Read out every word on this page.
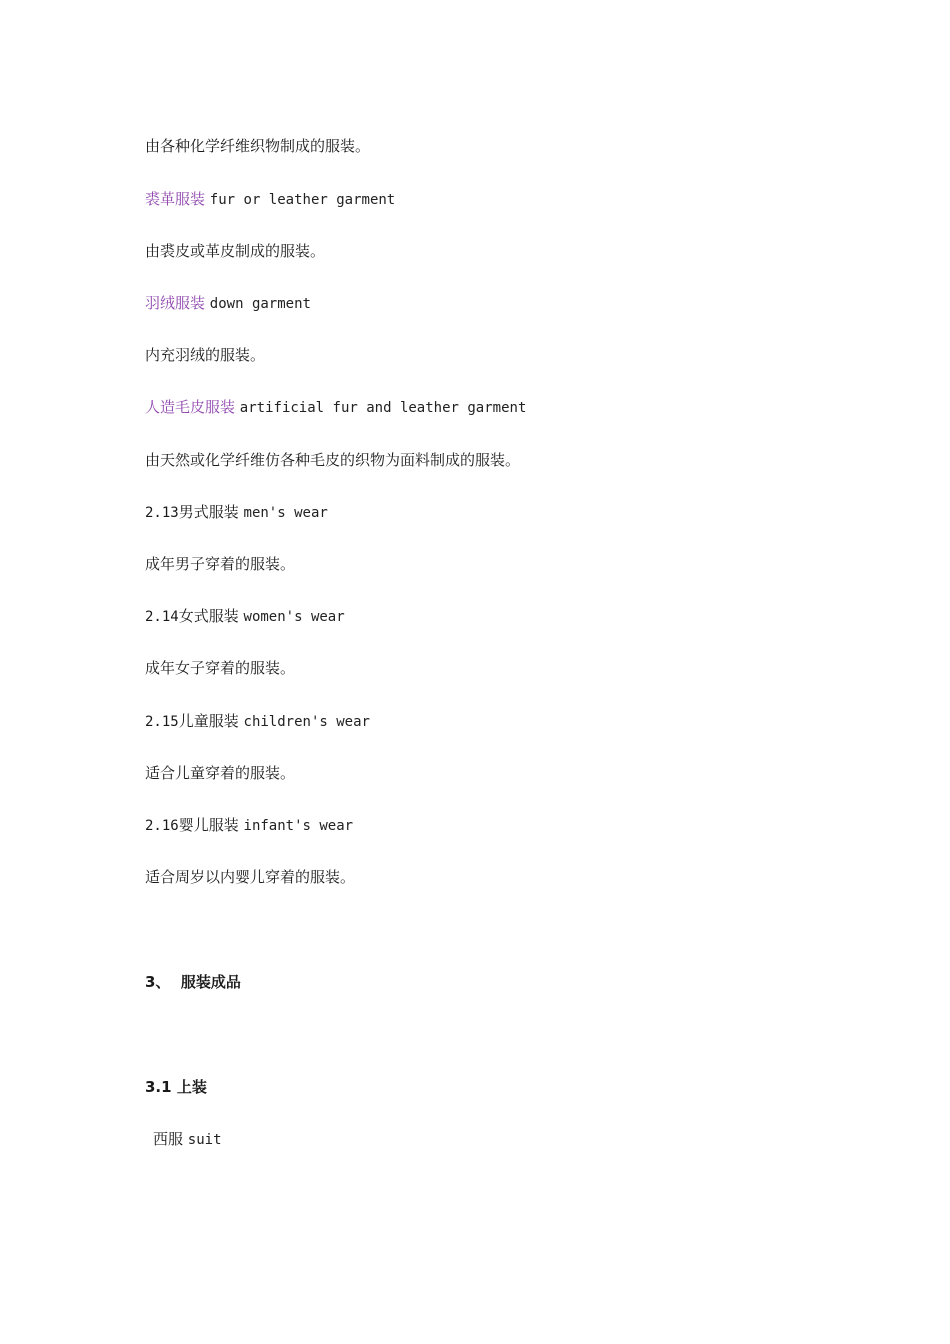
由各种化学纤维织物制成的服装。
裘革服装 fur or leather garment
由裘皮或革皮制成的服装。
羽绒服装 down garment
内充羽绒的服装。
人造毛皮服装 artificial fur and leather garment
由天然或化学纤维仿各种毛皮的织物为面料制成的服装。
2.13男式服装 men's wear
成年男子穿着的服装。
2.14女式服装 women's wear
成年女子穿着的服装。
2.15儿童服装 children's wear
适合儿童穿着的服装。
2.16婴儿服装 infant's wear
适合周岁以内婴儿穿着的服装。
3、 服装成品
3.1 上装
西服 suit
